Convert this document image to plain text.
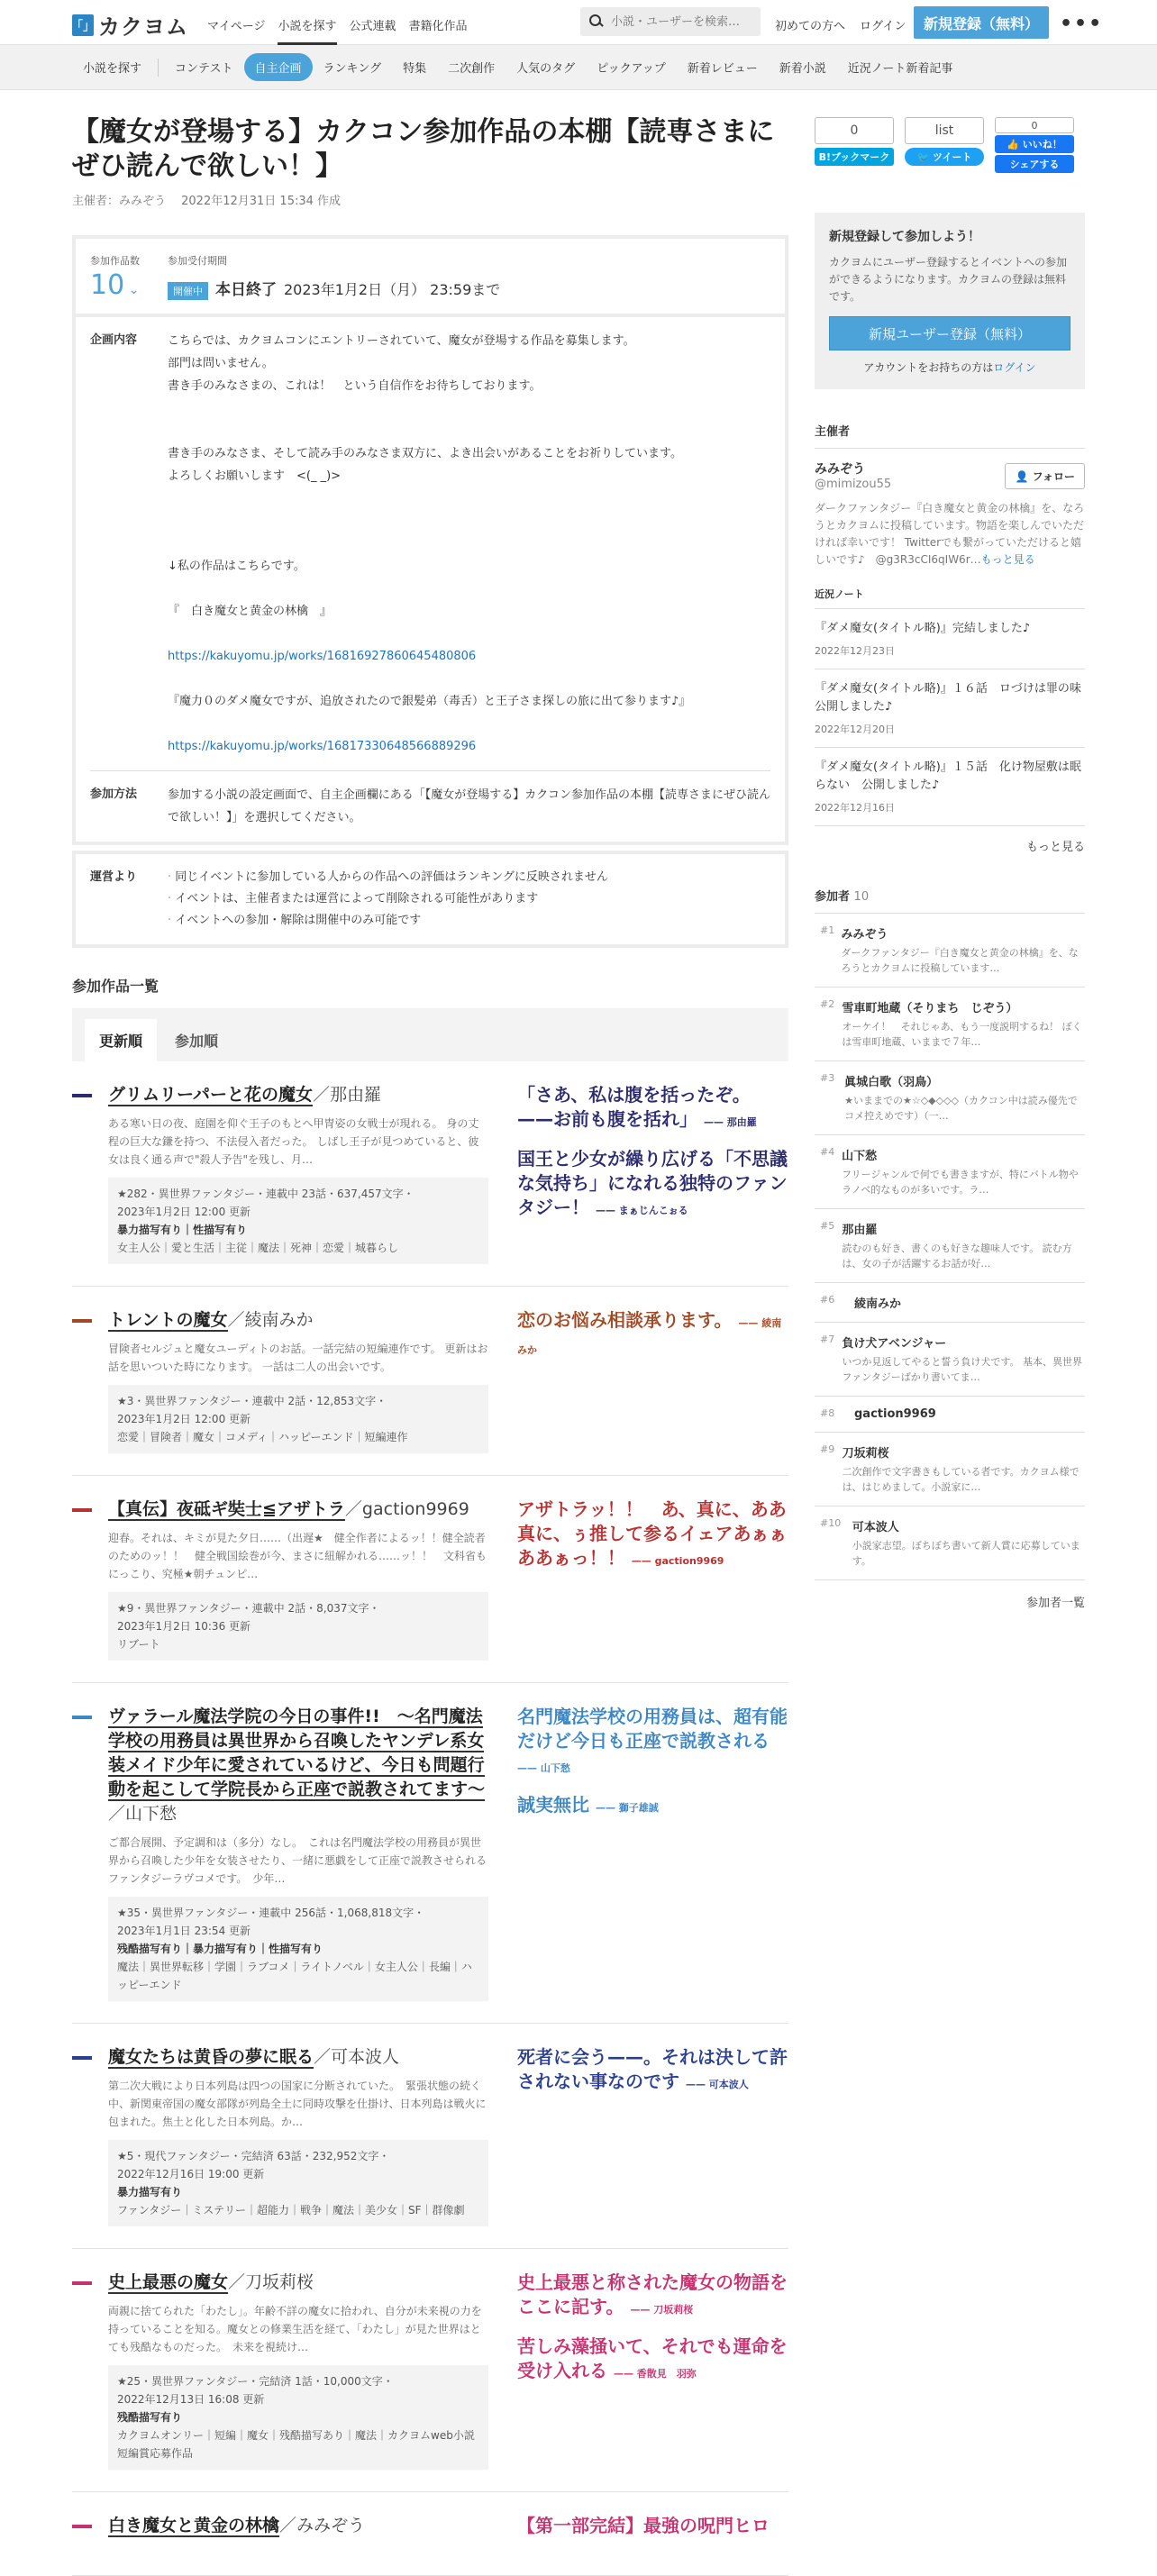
「」 カクヨム マイページ 小説を探す 公式連載 書籍化作品
小説・ユーザーを検索…	初めての方へ ログイン	新規登録（無料）	•••
小説を探す	コンテスト	自主企画	ランキング	特集	二次創作	人気のタグ	ピックアップ	新着レビュー	新着小説	近況ノート新着記事
【魔女が登場する】カクコン参加作品の本棚【読専さまにぜひ読んで欲しい！】
主催者：みみぞう　 2022年12月31日 15:34 作成
参加作品数
10 ⌄
参加受付期間
開催中 本日終了 2023年1月2日（月） 23:59まで
企画内容	こちらでは、カクヨムコンにエントリーされていて、魔女が登場する作品を募集します。

部門は問いません。

書き手のみなさまの、これは！　という自信作をお待ちしております。

書き手のみなさま、そして読み手のみなさま双方に、よき出会いがあることをお祈りしています。

よろしくお願いします　<(_ _)>

↓私の作品はこちらです。

『　白き魔女と黄金の林檎　』

https://kakuyomu.jp/works/16816927860645480806

『魔力０のダメ魔女ですが、追放されたので銀髪弟（毒舌）と王子さま探しの旅に出て参ります♪』

https://kakuyomu.jp/works/16817330648566889296

参加方法	参加する小説の設定画面で、自主企画欄にある「【魔女が登場する】カクコン参加作品の本棚【読専さまにぜひ読んで欲しい！】」を選択してください。
運営より
·	同じイベントに参加している人からの作品への評価はランキングに反映されません
· イベントは、主催者または運営によって削除される可能性があります
· イベントへの参加・解除は開催中のみ可能です
参加作品一覧
更新順	参加順
グリムリーパーと花の魔女／那由羅
ある寒い日の夜、庭園を仰ぐ王子のもとへ甲冑姿の女戦士が現れる。 身の丈程の巨大な鎌を持つ、不法侵入者だった。 しばし王子が見つめていると、彼女は良く通る声で"殺人予告"を残し、月…
★282・異世界ファンタジー・連載中 23話・637,457文字・
2023年1月2日 12:00 更新
暴力描写有り｜性描写有り
女主人公｜愛と生活｜主従｜魔法｜死神｜恋愛｜城暮らし
「さあ、私は腹を括ったぞ。 ——お前も腹を括れ」 —— 那由羅
国王と少女が繰り広げる「不思議な気持ち」になれる独特のファンタジー！ —— まぁじんこぉる
トレントの魔女／綾南みか
冒険者セルジュと魔女ユーディトのお話。一話完結の短編連作です。 更新はお話を思いついた時になります。 一話は二人の出会いです。
★3・異世界ファンタジー・連載中 2話・12,853文字・
2023年1月2日 12:00 更新
恋愛｜冒険者｜魔女｜コメディ｜ハッピーエンド｜短編連作
恋のお悩み相談承ります。 —— 綾南みか
【真伝】夜砥ギ奘士≦アザトラ／gaction9969
迎春。それは、キミが見た夕日……（出遅★　健全作者によるッ！！健全読者のためのッ！！　健全戦国絵巻が今、まさに紐解かれる……ッ！！　文科省もにっこり、究極★朝チュンピ…
★9・異世界ファンタジー・連載中 2話・8,037文字・
2023年1月2日 10:36 更新
リブート
アザトラッ！！　あ、真に、ああ真に、ぅ推して参るイェアあぁぁああぁっ！！ —— gaction9969
ヴァラール魔法学院の今日の事件!!　〜名門魔法学校の用務員は異世界から召喚したヤンデレ系女装メイド少年に愛されているけど、今日も問題行動を起こして学院長から正座で説教されてます〜／山下愁
ご都合展開、予定調和は（多分）なし。　これは名門魔法学校の用務員が異世界から召喚した少年を女装させたり、一緒に悪戯をして正座で説教させられるファンタジーラヴコメです。　少年…
★35・異世界ファンタジー・連載中 256話・1,068,818文字・
2023年1月1日 23:54 更新
残酷描写有り｜暴力描写有り｜性描写有り
魔法｜異世界転移｜学園｜ラブコメ｜ライトノベル｜女主人公｜長編｜ハッピーエンド
名門魔法学校の用務員は、超有能だけど今日も正座で説教される —— 山下愁
誠実無比 —— 獅子雄誠
魔女たちは黄昏の夢に眠る／可本波人
第二次大戦により日本列島は四つの国家に分断されていた。　緊張状態の続く中、新関東帝国の魔女部隊が列島全土に同時攻撃を仕掛け、日本列島は戦火に包まれた。焦土と化した日本列島。か…
★5・現代ファンタジー・完結済 63話・232,952文字・
2022年12月16日 19:00 更新
暴力描写有り
ファンタジー｜ミステリー｜超能力｜戦争｜魔法｜美少女｜SF｜群像劇
死者に会う——。それは決して許されない事なのです —— 可本波人
史上最悪の魔女／刀坂莉桜
両親に捨てられた「わたし」。年齢不詳の魔女に拾われ、自分が未来視の力を持っていることを知る。魔女との修業生活を経て、「わたし」が見た世界はとても残酷なものだった。　未来を視続け…
★25・異世界ファンタジー・完結済 1話・10,000文字・
2022年12月13日 16:08 更新
残酷描写有り
カクヨムオンリー｜短編｜魔女｜残酷描写あり｜魔法｜カクヨムweb小説短編賞応募作品
史上最悪と称された魔女の物語をここに記す。 —— 刀坂莉桜
苦しみ藻掻いて、それでも運命を受け入れる —— 香散見　羽弥
白き魔女と黄金の林檎／みみぞう	【第一部完結】最強の呪門ヒロ
0
B!ブックマーク
list
🐦 ツイート
0
👍 いいね！
シェアする
新規登録して参加しよう！

カクヨムにユーザー登録するとイベントへの参加ができるようになります。カクヨムの登録は無料です。

新規ユーザー登録（無料）
アカウントをお持ちの方はログイン
主催者
👤 フォロー
みみぞう
@mimizou55
ダークファンタジー『白き魔女と黄金の林檎』を、なろうとカクヨムに投稿しています。物語を楽しんでいただければ幸いです！ Twitterでも繋がっていただけると嬉しいです♪　@g3R3cCI6qIW6r…もっと見る
近況ノート
『ダメ魔女(タイトル略)』完結しました♪
2022年12月23日
『ダメ魔女(タイトル略)』１６話　ロづけは罪の味　公開しました♪
2022年12月20日
『ダメ魔女(タイトル略)』１５話　化け物屋敷は眠らない　公開しました♪
2022年12月16日
もっと見る
参加者 10
#1 みみぞう
ダークファンタジー『白き魔女と黄金の林檎』を、なろうとカクヨムに投稿しています…
#2 雪車町地蔵（そりまち　じぞう）
オーケイ！　それじゃあ、もう一度説明するね！ ぼくは雪車町地蔵、いままで７年…
#3 眞城白歌（羽鳥）
★いままでの★☆◇◆◇◇◇（カクコン中は読み優先でコメ控えめです）（一…
#4 山下愁
フリージャンルで何でも書きますが、特にバトル物やラノベ的なものが多いです。ラ…
#5 那由羅
読むのも好き、書くのも好きな趣味人です。 読む方は、女の子が活躍するお話が好…
#6	綾南みか
#7 負け犬アベンジャー
いつか見返してやると誓う負け犬です。 基本、異世界ファンタジーばかり書いてま…
#8	gaction9969
#9 刀坂莉桜
二次創作で文字書きもしている者です。カクヨム様では、はじめまして。小説家に…
#10 可本波人
小説家志望。ぼちぼち書いて新人賞に応募しています。
参加者一覧
